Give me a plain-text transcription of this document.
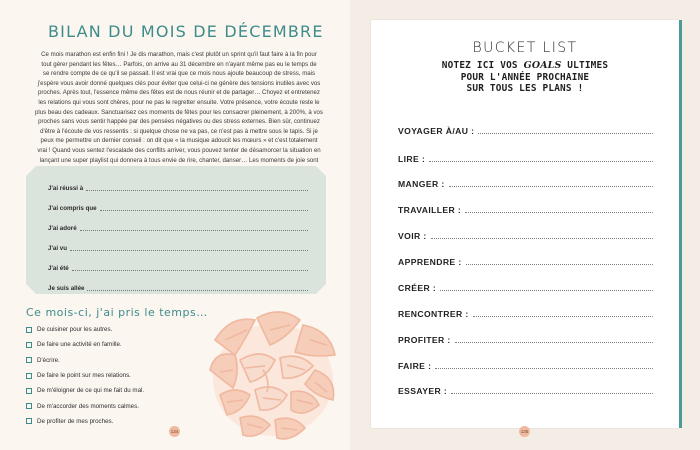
BILAN DU MOIS DE DÉCEMBRE

Ce mois marathon est enfin fini ! Je dis marathon, mais c'est plutôt un sprint qu'il faut faire à la fin pour

tout gérer pendant les fêtes… Parfois, on arrive au 31 décembre en n'ayant même pas eu le temps de

se rendre compte de ce qu'il se passait. Il est vrai que ce mois nous ajoute beaucoup de stress, mais

j'espère vous avoir donné quelques clés pour éviter que celui-ci ne génère des tensions inutiles avec vos

proches. Après tout, l'essence même des fêtes est de nous réunir et de partager… Choyez et entretenez

les relations qui vous sont chères, pour ne pas le regretter ensuite. Votre présence, votre écoute reste le

plus beau des cadeaux. Sanctuarisez ces moments de fêtes pour les consacrer pleinement, à 200%, à vos

proches sans vous sentir happée par des pensées négatives ou des stress externes. Bien sûr, continuez

d'être à l'écoute de vos ressentis : si quelque chose ne va pas, ce n'est pas à mettre sous le tapis. Si je

peux me permettre un dernier conseil : on dit que « la musique adoucit les mœurs » et c'est totalement

vrai ! Quand vous sentez l'escalade des conflits arriver, vous pouvez tenter de désamorcer la situation en

lançant une super playlist qui donnera à tous envie de rire, chanter, danser… Les moments de joie sont

J'ai réussi à
J'ai compris que
J'ai adoré
J'ai vu
J'ai été
Je suis allée
Ce mois-ci, j'ai pris le temps…
De cuisiner pour les autres.
De faire une activité en famille.
D'écrire.
De faire le point sur mes relations.
De m'éloigner de ce qui me fait du mal.
De m'accorder des moments calmes.
De profiter de mes proches.
134
BUCKET LIST
NOTEZ ICI VOS GOALS ULTIMES
POUR L'ANNÉE PROCHAINE
SUR TOUS LES PLANS !
VOYAGER À/AU :
LIRE :
MANGER :
TRAVAILLER :
VOIR :
APPRENDRE :
CRÉER :
RENCONTRER :
PROFITER :
FAIRE :
ESSAYER :
135
